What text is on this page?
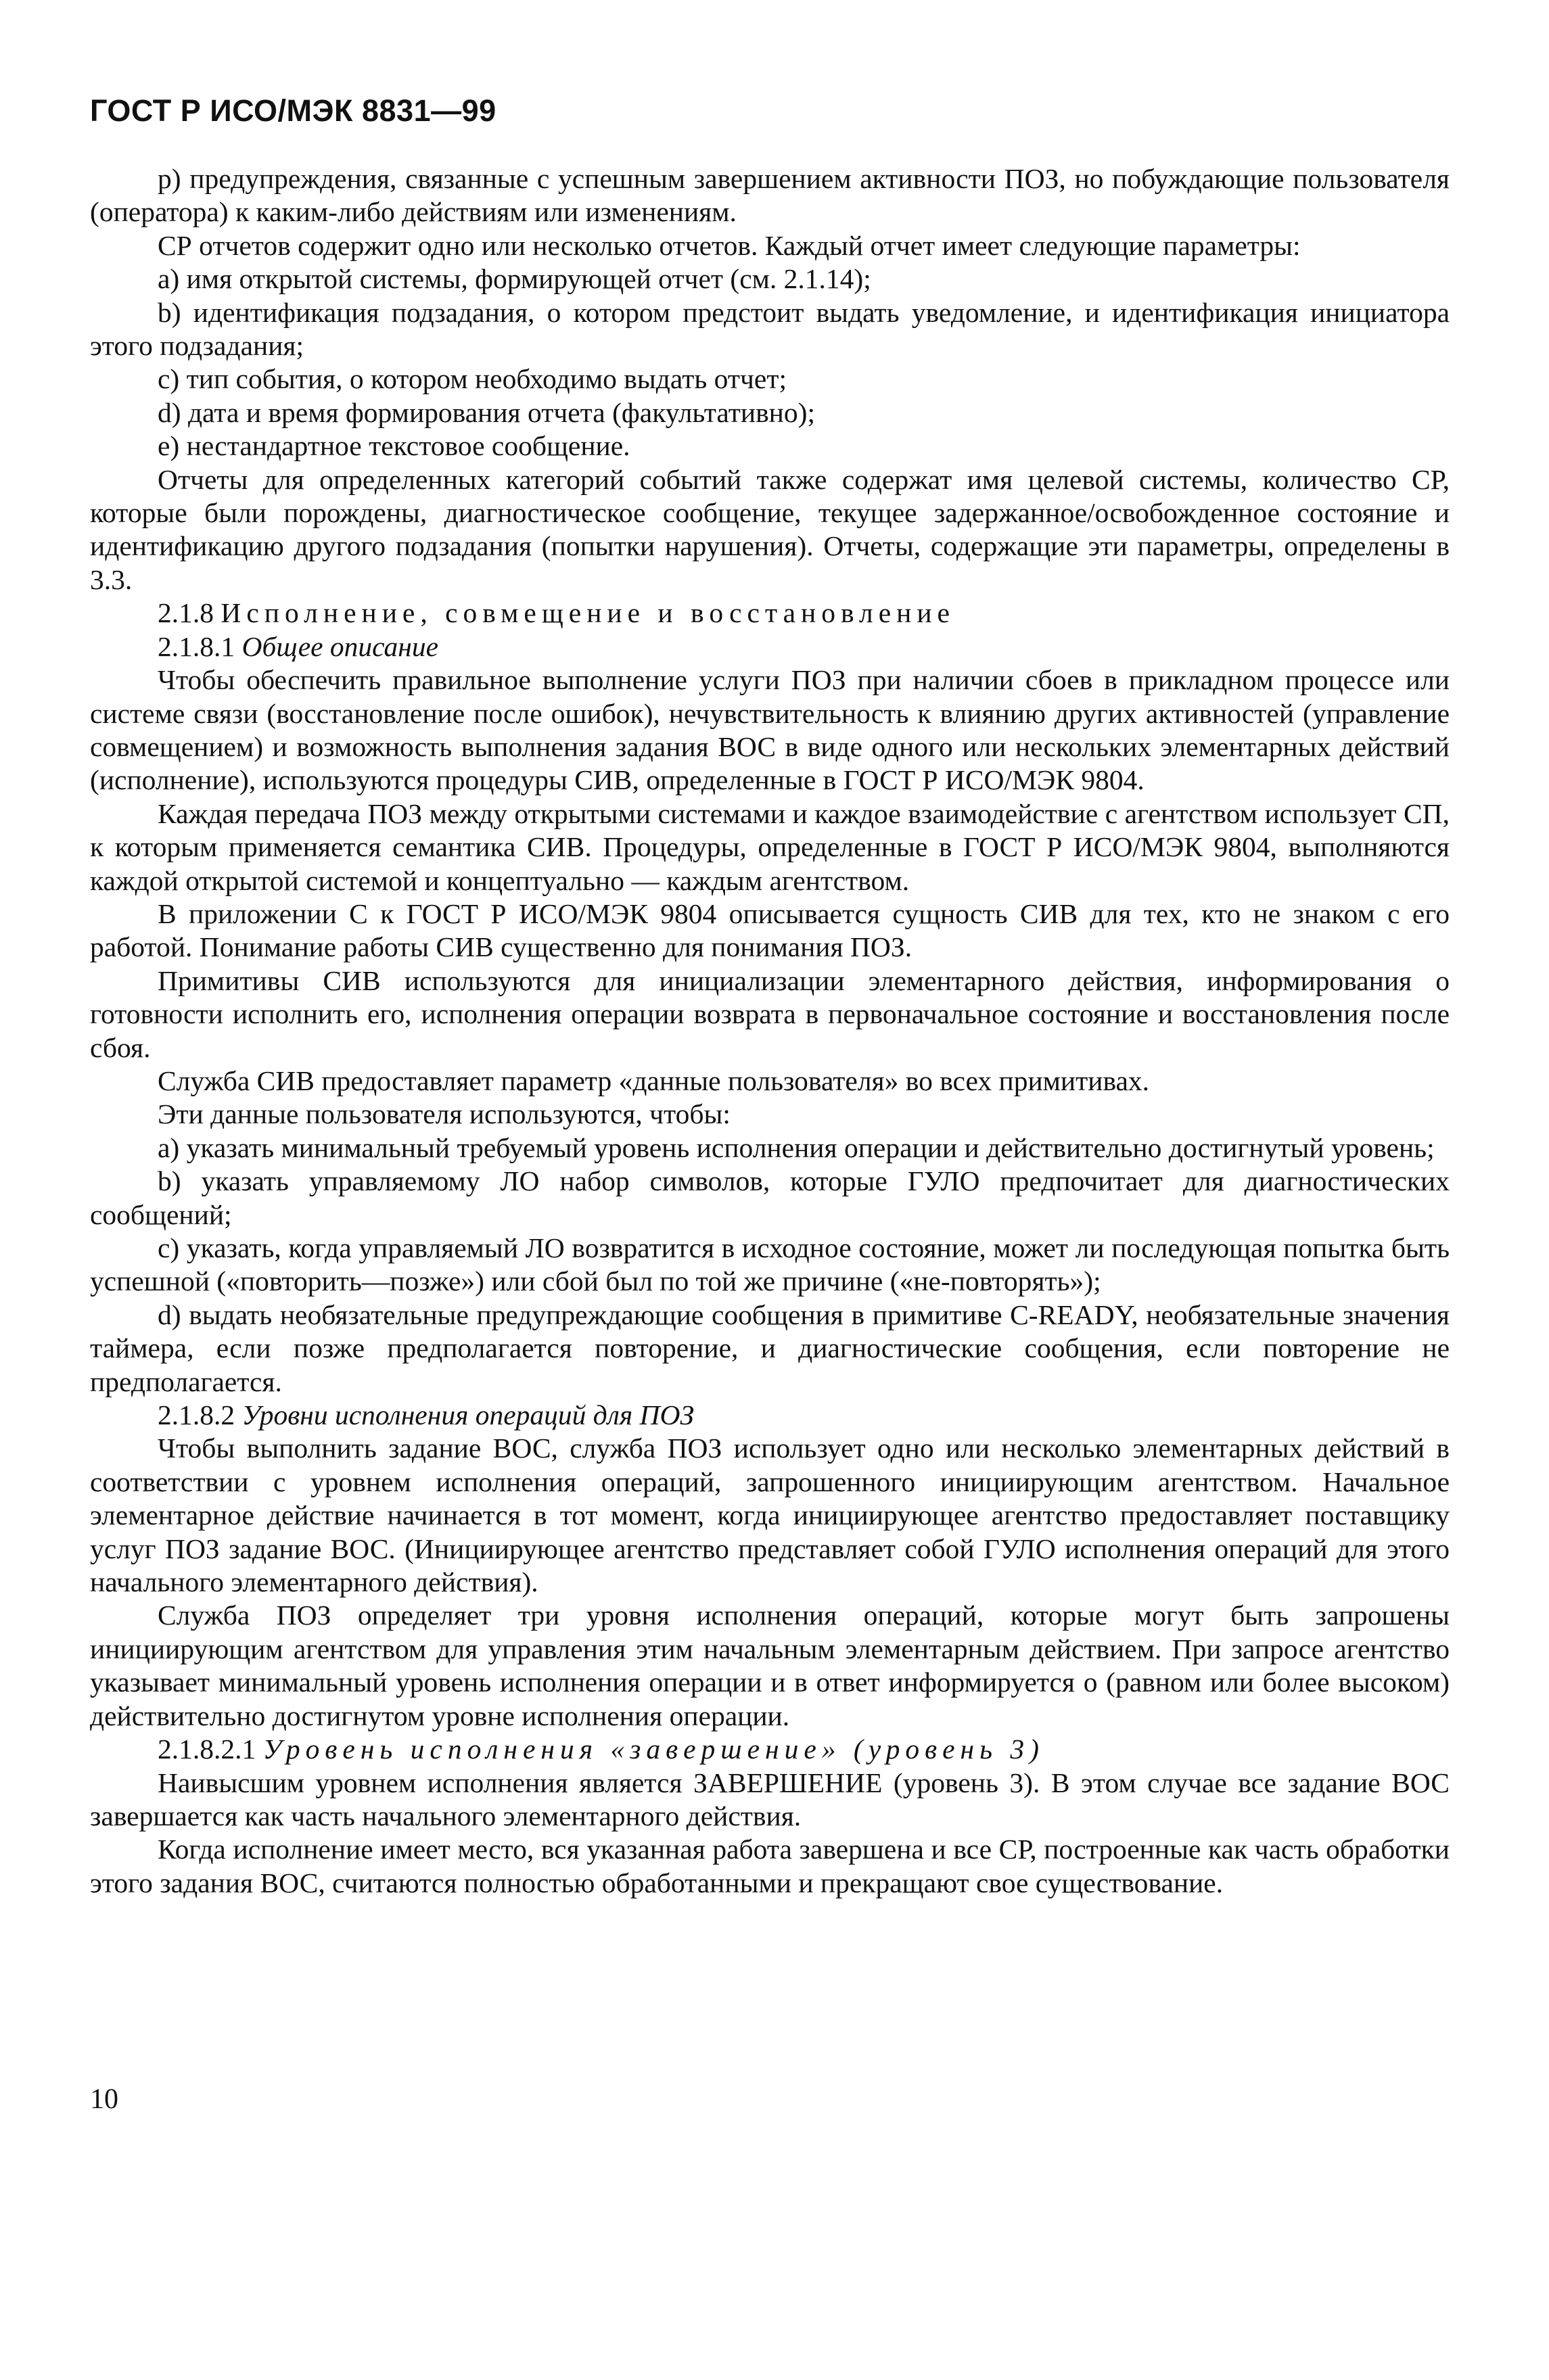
ГОСТ Р ИСО/МЭК 8831—99

p) предупреждения, связанные с успешным завершением активности ПОЗ, но побуждающие пользователя (оператора) к каким-либо действиям или изменениям.

СР отчетов содержит одно или несколько отчетов. Каждый отчет имеет следующие параметры:

a) имя открытой системы, формирующей отчет (см. 2.1.14);

b) идентификация подзадания, о котором предстоит выдать уведомление, и идентификация инициатора этого подзадания;

c) тип события, о котором необходимо выдать отчет;

d) дата и время формирования отчета (факультативно);

e) нестандартное текстовое сообщение.

Отчеты для определенных категорий событий также содержат имя целевой системы, количество СР, которые были порождены, диагностическое сообщение, текущее задержанное/освобожденное состояние и идентификацию другого подзадания (попытки нарушения). Отчеты, содержащие эти параметры, определены в 3.3.

2.1.8 Исполнение, совмещение и восстановление

2.1.8.1 Общее описание

Чтобы обеспечить правильное выполнение услуги ПОЗ при наличии сбоев в прикладном процессе или системе связи (восстановление после ошибок), нечувствительность к влиянию других активностей (управление совмещением) и возможность выполнения задания ВОС в виде одного или нескольких элементарных действий (исполнение), используются процедуры СИВ, определенные в ГОСТ Р ИСО/МЭК 9804.

Каждая передача ПОЗ между открытыми системами и каждое взаимодействие с агентством использует СП, к которым применяется семантика СИВ. Процедуры, определенные в ГОСТ Р ИСО/МЭК 9804, выполняются каждой открытой системой и концептуально — каждым агентством.

В приложении С к ГОСТ Р ИСО/МЭК 9804 описывается сущность СИВ для тех, кто не знаком с его работой. Понимание работы СИВ существенно для понимания ПОЗ.

Примитивы СИВ используются для инициализации элементарного действия, информирования о готовности исполнить его, исполнения операции возврата в первоначальное состояние и восстановления после сбоя.

Служба СИВ предоставляет параметр «данные пользователя» во всех примитивах.

Эти данные пользователя используются, чтобы:

a) указать минимальный требуемый уровень исполнения операции и действительно достигнутый уровень;

b) указать управляемому ЛО набор символов, которые ГУЛО предпочитает для диагностических сообщений;

c) указать, когда управляемый ЛО возвратится в исходное состояние, может ли последующая попытка быть успешной («повторить—позже») или сбой был по той же причине («не-повторять»);

d) выдать необязательные предупреждающие сообщения в примитиве C-READY, необязательные значения таймера, если позже предполагается повторение, и диагностические сообщения, если повторение не предполагается.

2.1.8.2 Уровни исполнения операций для ПОЗ

Чтобы выполнить задание ВОС, служба ПОЗ использует одно или несколько элементарных действий в соответствии с уровнем исполнения операций, запрошенного инициирующим агентством. Начальное элементарное действие начинается в тот момент, когда инициирующее агентство предоставляет поставщику услуг ПОЗ задание ВОС. (Инициирующее агентство представляет собой ГУЛО исполнения операций для этого начального элементарного действия).

Служба ПОЗ определяет три уровня исполнения операций, которые могут быть запрошены инициирующим агентством для управления этим начальным элементарным действием. При запросе агентство указывает минимальный уровень исполнения операции и в ответ информируется о (равном или более высоком) действительно достигнутом уровне исполнения операции.

2.1.8.2.1 Уровень исполнения «завершение» (уровень 3)

Наивысшим уровнем исполнения является ЗАВЕРШЕНИЕ (уровень 3). В этом случае все задание ВОС завершается как часть начального элементарного действия.

Когда исполнение имеет место, вся указанная работа завершена и все СР, построенные как часть обработки этого задания ВОС, считаются полностью обработанными и прекращают свое существование.

10
